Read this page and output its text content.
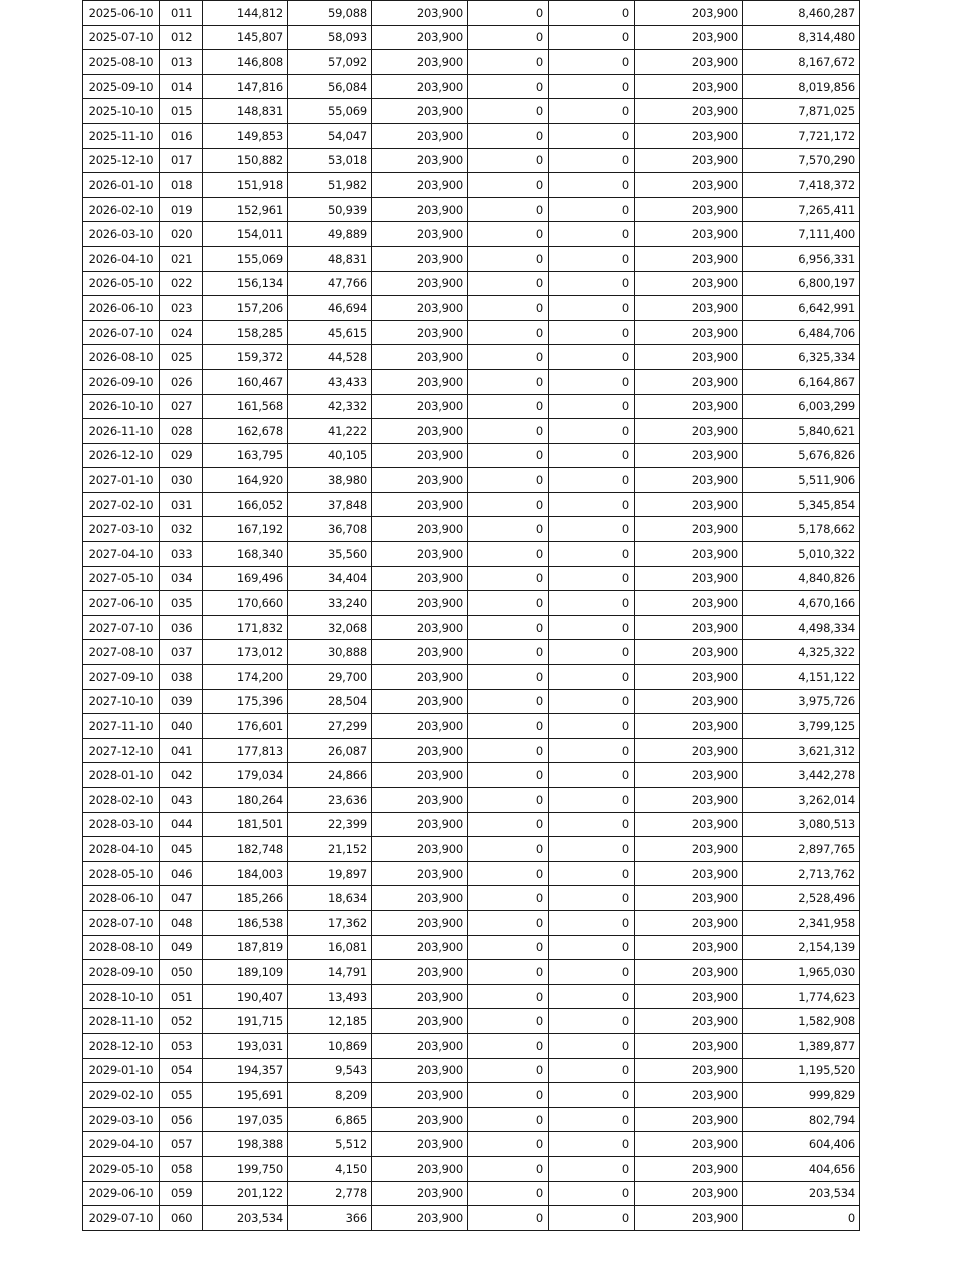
2025-06-10	011	144,812	59,088	203,900	0	0	203,900	8,460,287
2025-07-10	012	145,807	58,093	203,900	0	0	203,900	8,314,480
2025-08-10	013	146,808	57,092	203,900	0	0	203,900	8,167,672
2025-09-10	014	147,816	56,084	203,900	0	0	203,900	8,019,856
2025-10-10	015	148,831	55,069	203,900	0	0	203,900	7,871,025
2025-11-10	016	149,853	54,047	203,900	0	0	203,900	7,721,172
2025-12-10	017	150,882	53,018	203,900	0	0	203,900	7,570,290
2026-01-10	018	151,918	51,982	203,900	0	0	203,900	7,418,372
2026-02-10	019	152,961	50,939	203,900	0	0	203,900	7,265,411
2026-03-10	020	154,011	49,889	203,900	0	0	203,900	7,111,400
2026-04-10	021	155,069	48,831	203,900	0	0	203,900	6,956,331
2026-05-10	022	156,134	47,766	203,900	0	0	203,900	6,800,197
2026-06-10	023	157,206	46,694	203,900	0	0	203,900	6,642,991
2026-07-10	024	158,285	45,615	203,900	0	0	203,900	6,484,706
2026-08-10	025	159,372	44,528	203,900	0	0	203,900	6,325,334
2026-09-10	026	160,467	43,433	203,900	0	0	203,900	6,164,867
2026-10-10	027	161,568	42,332	203,900	0	0	203,900	6,003,299
2026-11-10	028	162,678	41,222	203,900	0	0	203,900	5,840,621
2026-12-10	029	163,795	40,105	203,900	0	0	203,900	5,676,826
2027-01-10	030	164,920	38,980	203,900	0	0	203,900	5,511,906
2027-02-10	031	166,052	37,848	203,900	0	0	203,900	5,345,854
2027-03-10	032	167,192	36,708	203,900	0	0	203,900	5,178,662
2027-04-10	033	168,340	35,560	203,900	0	0	203,900	5,010,322
2027-05-10	034	169,496	34,404	203,900	0	0	203,900	4,840,826
2027-06-10	035	170,660	33,240	203,900	0	0	203,900	4,670,166
2027-07-10	036	171,832	32,068	203,900	0	0	203,900	4,498,334
2027-08-10	037	173,012	30,888	203,900	0	0	203,900	4,325,322
2027-09-10	038	174,200	29,700	203,900	0	0	203,900	4,151,122
2027-10-10	039	175,396	28,504	203,900	0	0	203,900	3,975,726
2027-11-10	040	176,601	27,299	203,900	0	0	203,900	3,799,125
2027-12-10	041	177,813	26,087	203,900	0	0	203,900	3,621,312
2028-01-10	042	179,034	24,866	203,900	0	0	203,900	3,442,278
2028-02-10	043	180,264	23,636	203,900	0	0	203,900	3,262,014
2028-03-10	044	181,501	22,399	203,900	0	0	203,900	3,080,513
2028-04-10	045	182,748	21,152	203,900	0	0	203,900	2,897,765
2028-05-10	046	184,003	19,897	203,900	0	0	203,900	2,713,762
2028-06-10	047	185,266	18,634	203,900	0	0	203,900	2,528,496
2028-07-10	048	186,538	17,362	203,900	0	0	203,900	2,341,958
2028-08-10	049	187,819	16,081	203,900	0	0	203,900	2,154,139
2028-09-10	050	189,109	14,791	203,900	0	0	203,900	1,965,030
2028-10-10	051	190,407	13,493	203,900	0	0	203,900	1,774,623
2028-11-10	052	191,715	12,185	203,900	0	0	203,900	1,582,908
2028-12-10	053	193,031	10,869	203,900	0	0	203,900	1,389,877
2029-01-10	054	194,357	9,543	203,900	0	0	203,900	1,195,520
2029-02-10	055	195,691	8,209	203,900	0	0	203,900	999,829
2029-03-10	056	197,035	6,865	203,900	0	0	203,900	802,794
2029-04-10	057	198,388	5,512	203,900	0	0	203,900	604,406
2029-05-10	058	199,750	4,150	203,900	0	0	203,900	404,656
2029-06-10	059	201,122	2,778	203,900	0	0	203,900	203,534
2029-07-10	060	203,534	366	203,900	0	0	203,900	0
